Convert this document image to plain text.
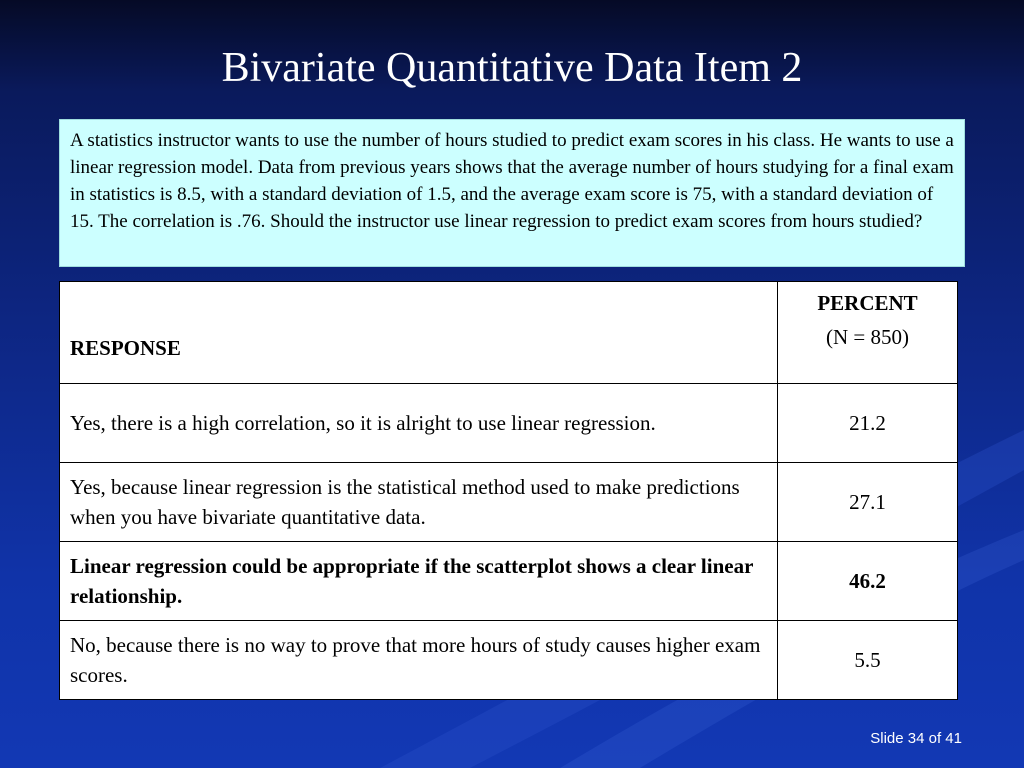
Bivariate Quantitative Data Item 2
A statistics instructor wants to use the number of hours studied to predict exam scores in his class. He wants to use a linear regression model. Data from previous years shows that the average number of hours studying for a final exam in statistics is 8.5, with a standard deviation of 1.5, and the average exam score is 75, with a standard deviation of 15. The correlation is .76. Should the instructor use linear regression to predict exam scores from hours studied?
RESPONSE	PERCENT
(N = 850)

Yes, there is a high correlation, so it is alright to use linear regression.	21.2
Yes, because linear regression is the statistical method used to make predictions when you have bivariate quantitative data.	27.1
Linear regression could be appropriate if the scatterplot shows a clear linear relationship.	46.2
No, because there is no way to prove that more hours of study causes higher exam scores.	5.5
Slide 34 of 41
